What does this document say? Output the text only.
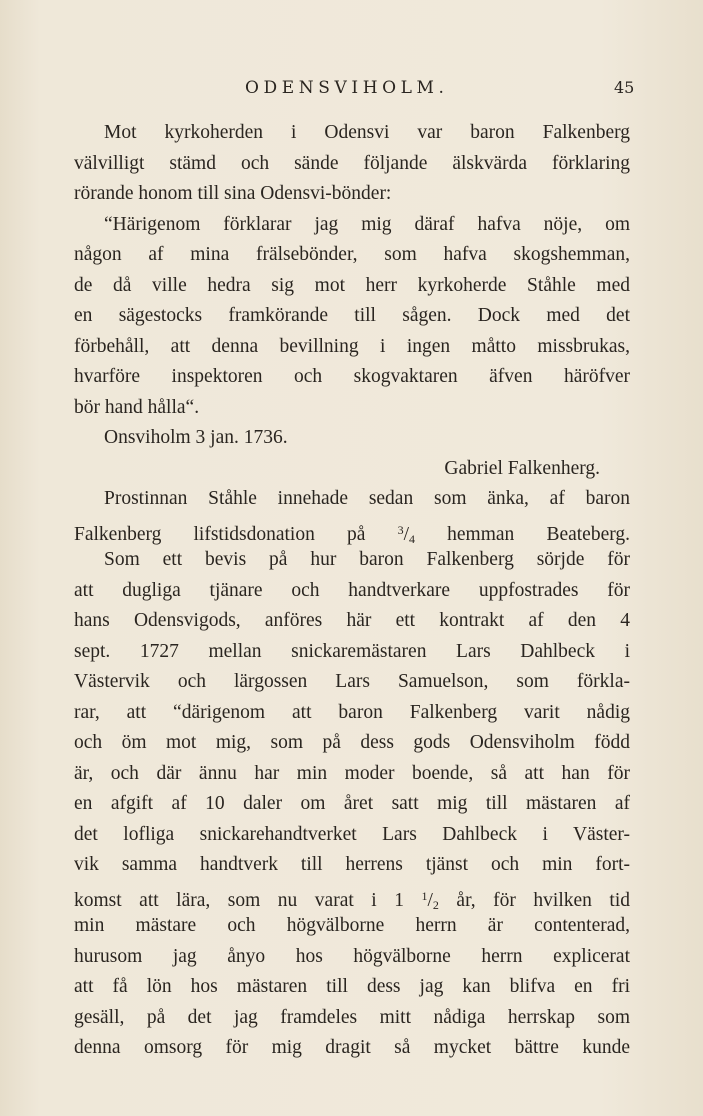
ODENSVIHOLM.	45
Mot kyrkoherden i Odensvi var baron Falkenberg
välvilligt stämd och sände följande älskvärda förklaring
rörande honom till sina Odensvi-bönder:
“Härigenom förklarar jag mig däraf hafva nöje, om
någon af mina frälsebönder, som hafva skogshemman,
de då ville hedra sig mot herr kyrkoherde Ståhle med
en sägestocks framkörande till sågen. Dock med det
förbehåll, att denna bevillning i ingen måtto missbrukas,
hvarföre inspektoren och skogvaktaren äfven häröfver
bör hand hålla“.
Onsviholm 3 jan. 1736.
Gabriel Falkenherg.
Prostinnan Ståhle innehade sedan som änka, af baron
Falkenberg lifstidsdonation på	$^3/_4$ hemman Beateberg.
Som ett bevis på hur baron Falkenberg sörjde för
att dugliga tjänare och handtverkare uppfostrades för
hans Odensvigods, anföres här ett kontrakt af den 4
sept. 1727 mellan snickaremästaren Lars Dahlbeck i
Västervik och lärgossen Lars Samuelson, som förkla-
rar, att “därigenom att baron Falkenberg varit nådig
och öm mot mig, som på dess gods Odensviholm född
är, och där ännu har min moder boende, så att han för
en afgift af 10 daler om året satt mig till mästaren af
det lofliga snickarehandtverket Lars Dahlbeck i Väster-
vik samma handtverk till herrens tjänst och min fort-
komst att lära, som nu varat i 1 $^1/_2$ år, för hvilken tid
min mästare och högvälborne herrn är contenterad,
hurusom jag ånyo hos högvälborne herrn explicerat
att få lön hos mästaren till dess jag kan blifva en fri
gesäll, på det jag framdeles mitt nådiga herrskap som
denna omsorg för mig dragit så mycket bättre kunde
